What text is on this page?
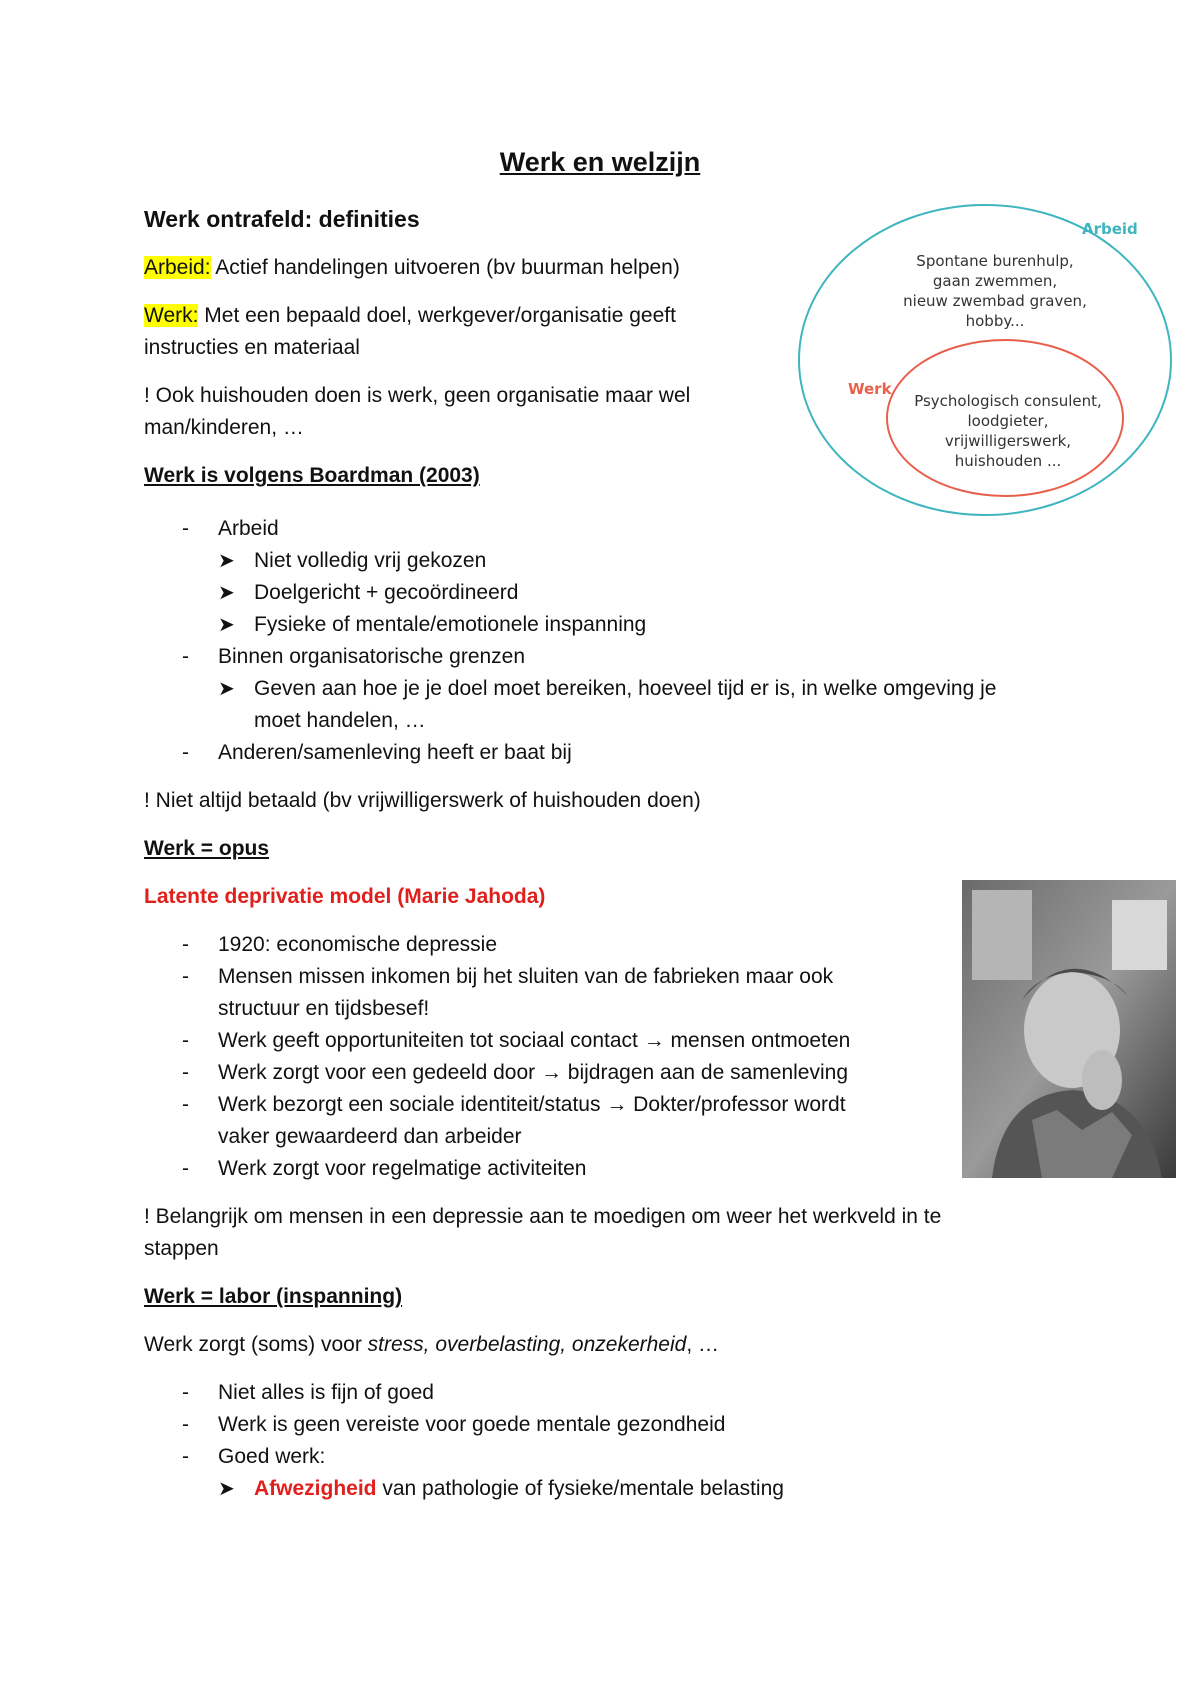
Werk en welzijn
Werk ontrafeld: definities
Arbeid: Actief handelingen uitvoeren (bv buurman helpen)
Werk: Met een bepaald doel, werkgever/organisatie geeft
instructies en materiaal
! Ook huishouden doen is werk, geen organisatie maar wel
man/kinderen, …
Arbeid
Werk
Spontane burenhulp,
gaan zwemmen,
nieuw zwembad graven,
hobby...
Psychologisch consulent,
loodgieter,
vrijwilligerswerk,
huishouden ...
Werk is volgens Boardman (2003)
- Arbeid
➤ Niet volledig vrij gekozen
➤ Doelgericht + gecoördineerd
➤ Fysieke of mentale/emotionele inspanning
- Binnen organisatorische grenzen
➤ Geven aan hoe je je doel moet bereiken, hoeveel tijd er is, in welke omgeving je
moet handelen, …
- Anderen/samenleving heeft er baat bij
! Niet altijd betaald (bv vrijwilligerswerk of huishouden doen)
Werk = opus
Latente deprivatie model (Marie Jahoda)
- 1920: economische depressie
- Mensen missen inkomen bij het sluiten van de fabrieken maar ook
structuur en tijdsbesef!
- Werk geeft opportuniteiten tot sociaal contact → mensen ontmoeten
- Werk zorgt voor een gedeeld door → bijdragen aan de samenleving
- Werk bezorgt een sociale identiteit/status → Dokter/professor wordt
vaker gewaardeerd dan arbeider
- Werk zorgt voor regelmatige activiteiten
! Belangrijk om mensen in een depressie aan te moedigen om weer het werkveld in te
stappen
Werk = labor (inspanning)
Werk zorgt (soms) voor stress, overbelasting, onzekerheid, …
- Niet alles is fijn of goed
- Werk is geen vereiste voor goede mentale gezondheid
- Goed werk:
➤ Afwezigheid van pathologie of fysieke/mentale belasting
